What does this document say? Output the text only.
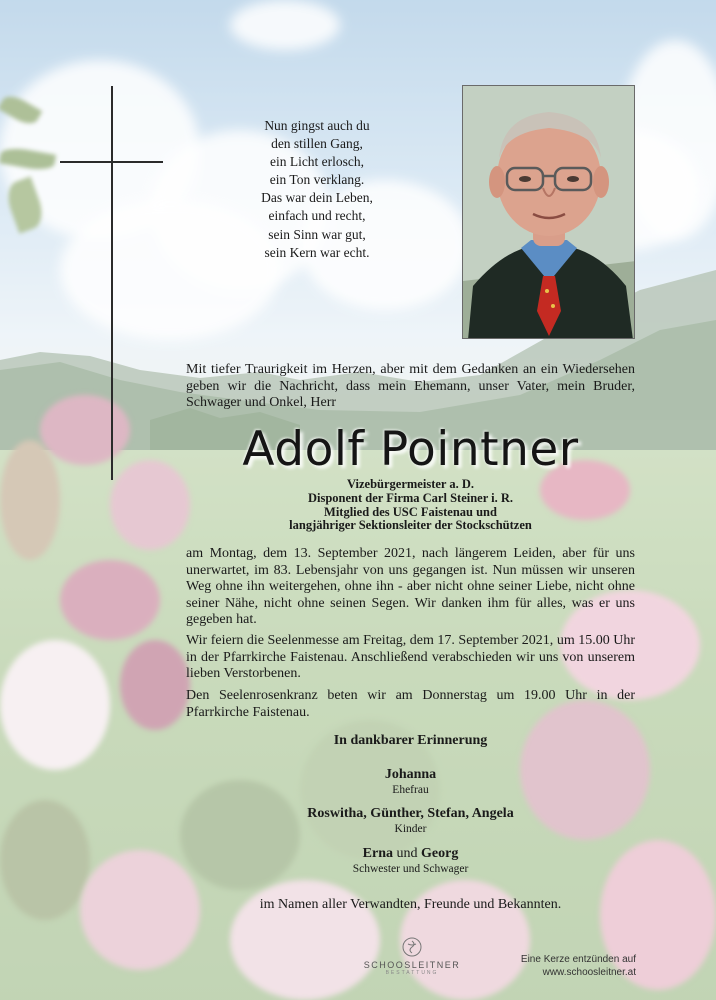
Nun gingst auch du
den stillen Gang,
ein Licht erlosch,
ein Ton verklang.
Das war dein Leben,
einfach und recht,
sein Sinn war gut,
sein Kern war echt.

Mit tiefer Traurigkeit im Herzen, aber mit dem Gedanken an ein Wiedersehen geben wir die Nachricht, dass mein Ehemann, unser Vater, mein Bruder, Schwager und Onkel, Herr

Adolf Pointner
Vizebürgermeister a. D.
Disponent der Firma Carl Steiner i. R.
Mitglied des USC Faistenau und
langjähriger Sektionsleiter der Stockschützen

am Montag, dem 13. September 2021, nach längerem Leiden, aber für uns unerwartet, im 83. Lebensjahr von uns gegangen ist. Nun müssen wir unseren Weg ohne ihn weitergehen, ohne ihn - aber nicht ohne seiner Liebe, nicht ohne seiner Nähe, nicht ohne seinen Segen. Wir danken ihm für alles, was er uns gegeben hat.

Wir feiern die Seelenmesse am Freitag, dem 17. September 2021, um 15.00 Uhr in der Pfarrkirche Faistenau. Anschließend verabschieden wir uns von unserem lieben Verstorbenen.

Den Seelenrosenkranz beten wir am Donnerstag um 19.00 Uhr in der Pfarrkirche Faistenau.

In dankbarer Erinnerung
Johanna
Ehefrau
Roswitha, Günther, Stefan, Angela
Kinder
Erna und Georg
Schwester und Schwager
im Namen aller Verwandten, Freunde und Bekannten.
SCHOOSLEITNER
BESTATTUNG
Eine Kerze entzünden auf
www.schoosleitner.at
